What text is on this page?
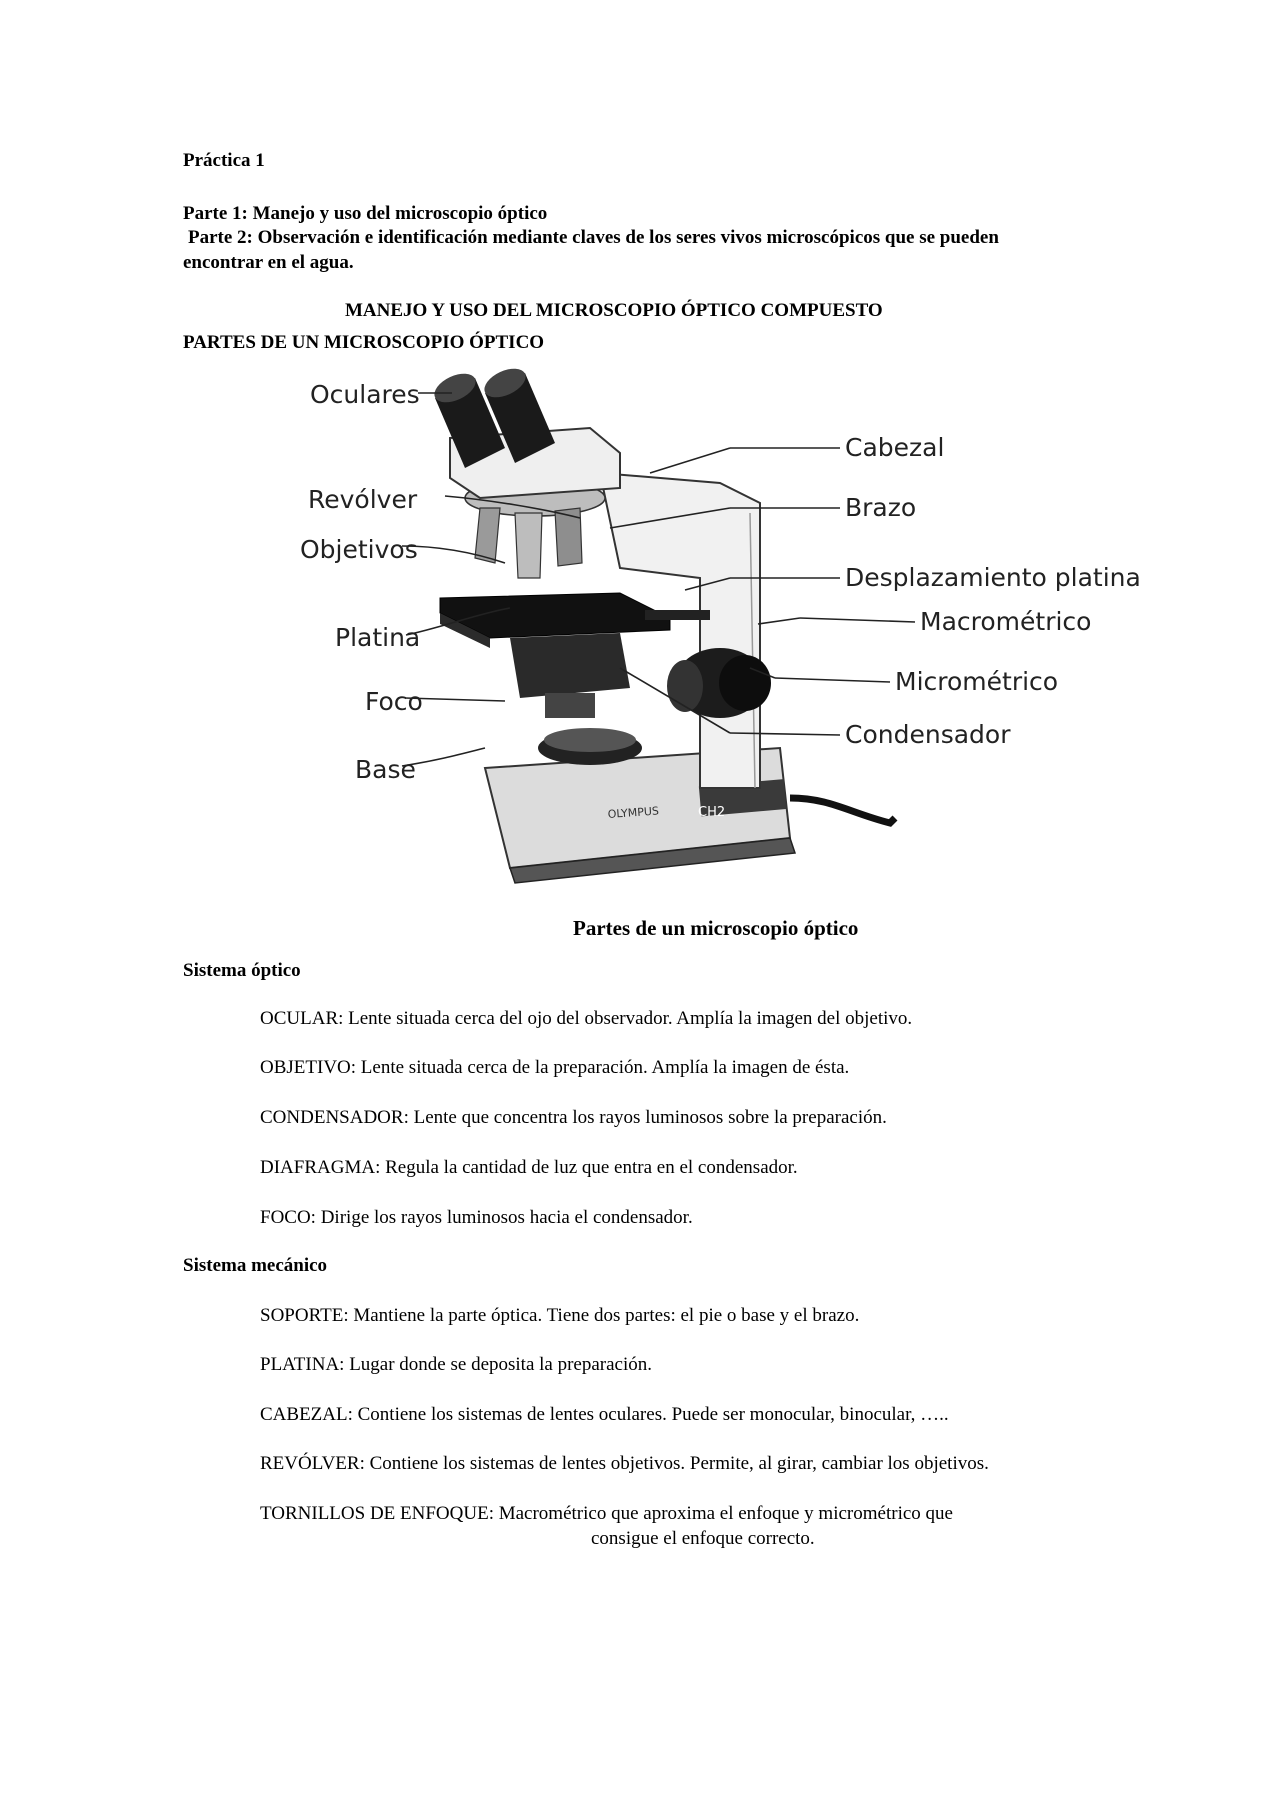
Práctica 1
Parte 1: Manejo y uso del microscopio óptico
Parte 2: Observación e identificación mediante claves de los seres vivos microscópicos que se pueden
encontrar en el agua.
MANEJO Y USO DEL MICROSCOPIO ÓPTICO COMPUESTO
PARTES DE UN MICROSCOPIO ÓPTICO
OLYMPUS	CH2
Oculares
Revólver
Objetivos
Platina
Foco
Base
Cabezal
Brazo
Desplazamiento platina
Macrométrico
Micrométrico
Condensador
Partes de un microscopio óptico
Sistema óptico
OCULAR: Lente situada cerca del ojo del observador. Amplía la imagen del objetivo.
OBJETIVO: Lente situada cerca de la preparación. Amplía la imagen de ésta.
CONDENSADOR: Lente que concentra los rayos luminosos sobre la preparación.
DIAFRAGMA: Regula la cantidad de luz que entra en el condensador.
FOCO: Dirige los rayos luminosos hacia el condensador.
Sistema mecánico
SOPORTE: Mantiene la parte óptica. Tiene dos partes: el pie o base y el brazo.
PLATINA: Lugar donde se deposita la preparación.
CABEZAL: Contiene los sistemas de lentes oculares. Puede ser monocular, binocular, …..
REVÓLVER: Contiene los sistemas de lentes objetivos. Permite, al girar, cambiar los objetivos.
TORNILLOS DE ENFOQUE: Macrométrico que aproxima el enfoque y micrométrico que
consigue el enfoque correcto.
